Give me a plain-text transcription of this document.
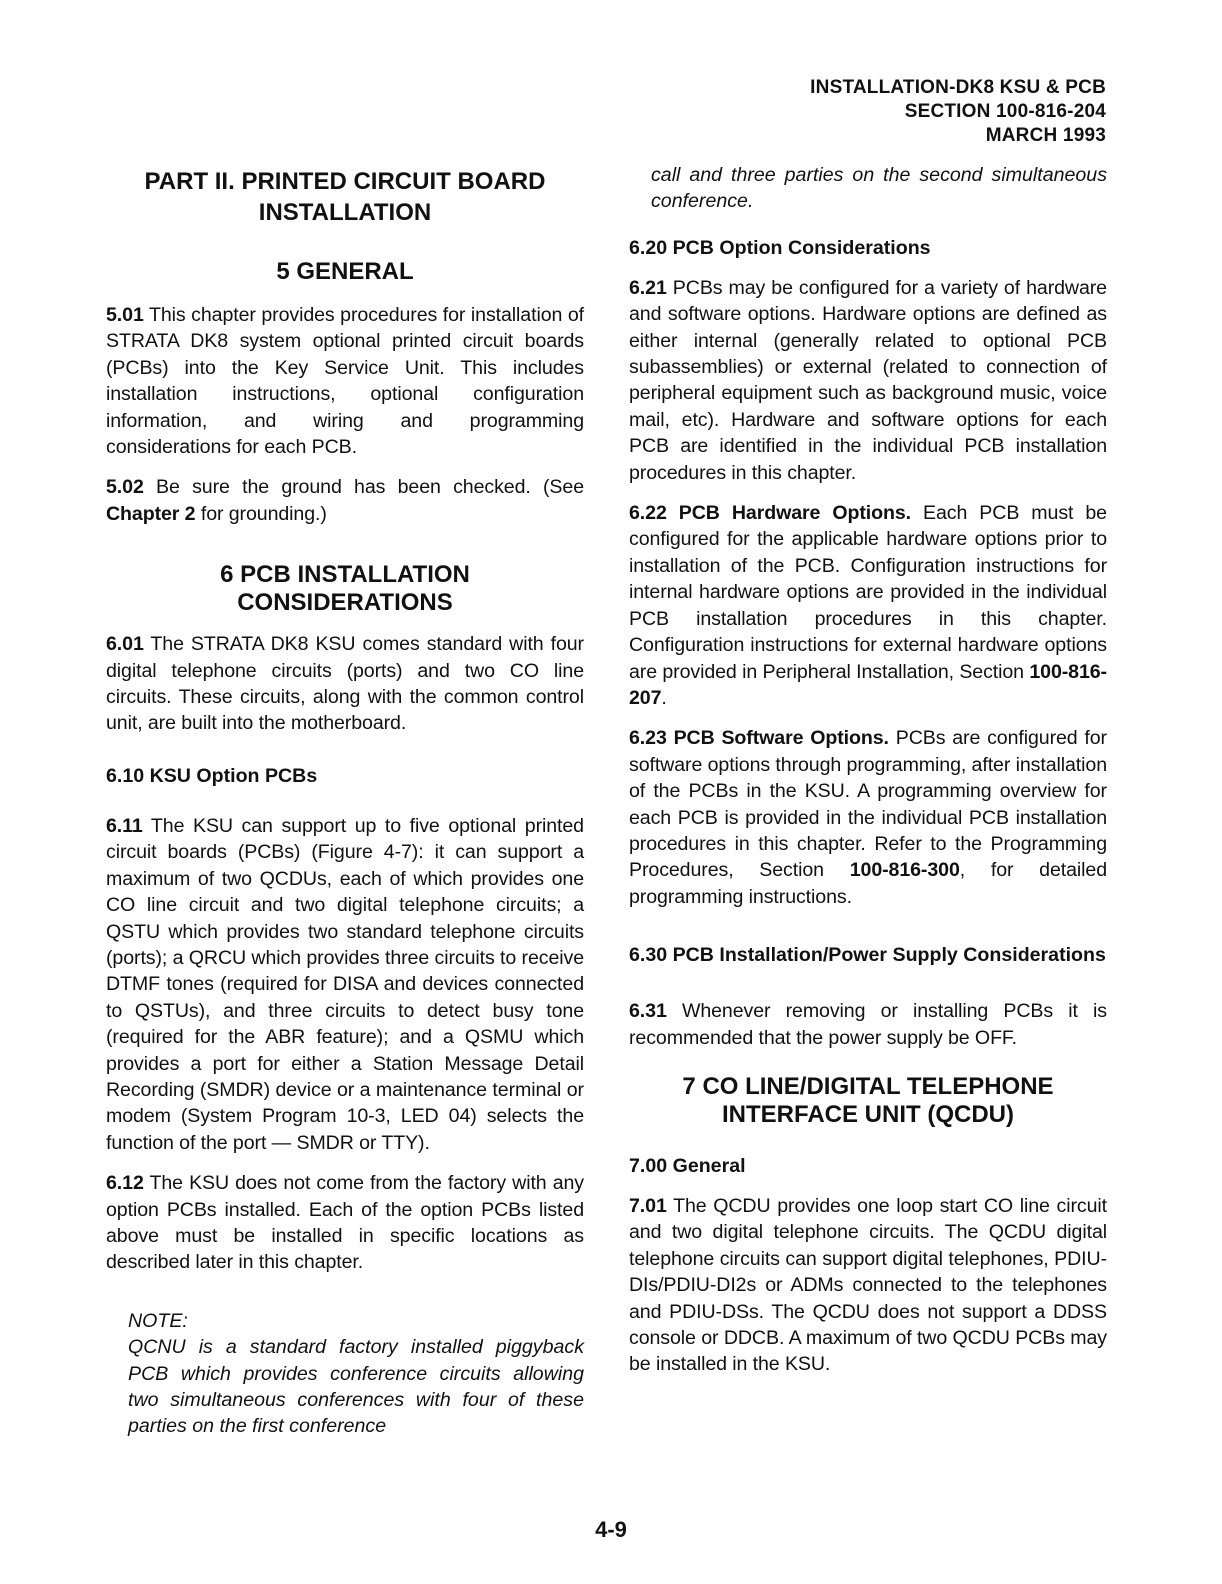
INSTALLATION-DK8 KSU & PCB
SECTION 100-816-204
MARCH 1993
PART II. PRINTED CIRCUIT BOARD
INSTALLATION
5 GENERAL

5.01 This chapter provides procedures for installation of STRATA DK8 system optional printed circuit boards (PCBs) into the Key Service Unit. This includes installation instructions, optional configuration information, and wiring and programming considerations for each PCB.

5.02 Be sure the ground has been checked. (See Chapter 2 for grounding.)

6 PCB INSTALLATION
CONSIDERATIONS

6.01 The STRATA DK8 KSU comes standard with four digital telephone circuits (ports) and two CO line circuits. These circuits, along with the common control unit, are built into the motherboard.

6.10 KSU Option PCBs

6.11 The KSU can support up to five optional printed circuit boards (PCBs) (Figure 4-7): it can support a maximum of two QCDUs, each of which provides one CO line circuit and two digital telephone circuits; a QSTU which provides two standard telephone circuits (ports); a QRCU which provides three circuits to receive DTMF tones (required for DISA and devices connected to QSTUs), and three circuits to detect busy tone (required for the ABR feature); and a QSMU which provides a port for either a Station Message Detail Recording (SMDR) device or a maintenance terminal or modem (System Program 10-3, LED 04) selects the function of the port — SMDR or TTY).

6.12 The KSU does not come from the factory with any option PCBs installed. Each of the option PCBs listed above must be installed in specific locations as described later in this chapter.

NOTE:
QCNU is a standard factory installed piggyback PCB which provides conference circuits allowing two simultaneous conferences with four of these parties on the first conference
call and three parties on the second simultaneous conference.
6.20 PCB Option Considerations

6.21 PCBs may be configured for a variety of hardware and software options. Hardware options are defined as either internal (generally related to optional PCB subassemblies) or external (related to connection of peripheral equipment such as background music, voice mail, etc). Hardware and software options for each PCB are identified in the individual PCB installation procedures in this chapter.

6.22 PCB Hardware Options. Each PCB must be configured for the applicable hardware options prior to installation of the PCB. Configuration instructions for internal hardware options are provided in the individual PCB installation procedures in this chapter. Configuration instructions for external hardware options are provided in Peripheral Installation, Section 100-816-207.

6.23 PCB Software Options. PCBs are configured for software options through programming, after installation of the PCBs in the KSU. A programming overview for each PCB is provided in the individual PCB installation procedures in this chapter. Refer to the Programming Procedures, Section 100-816-300, for detailed programming instructions.

6.30 PCB Installation/Power Supply Considerations

6.31 Whenever removing or installing PCBs it is recommended that the power supply be OFF.

7 CO LINE/DIGITAL TELEPHONE
INTERFACE UNIT (QCDU)
7.00 General

7.01 The QCDU provides one loop start CO line circuit and two digital telephone circuits. The QCDU digital telephone circuits can support digital telephones, PDIU-DIs/PDIU-DI2s or ADMs connected to the telephones and PDIU-DSs. The QCDU does not support a DDSS console or DDCB. A maximum of two QCDU PCBs may be installed in the KSU.

4-9
